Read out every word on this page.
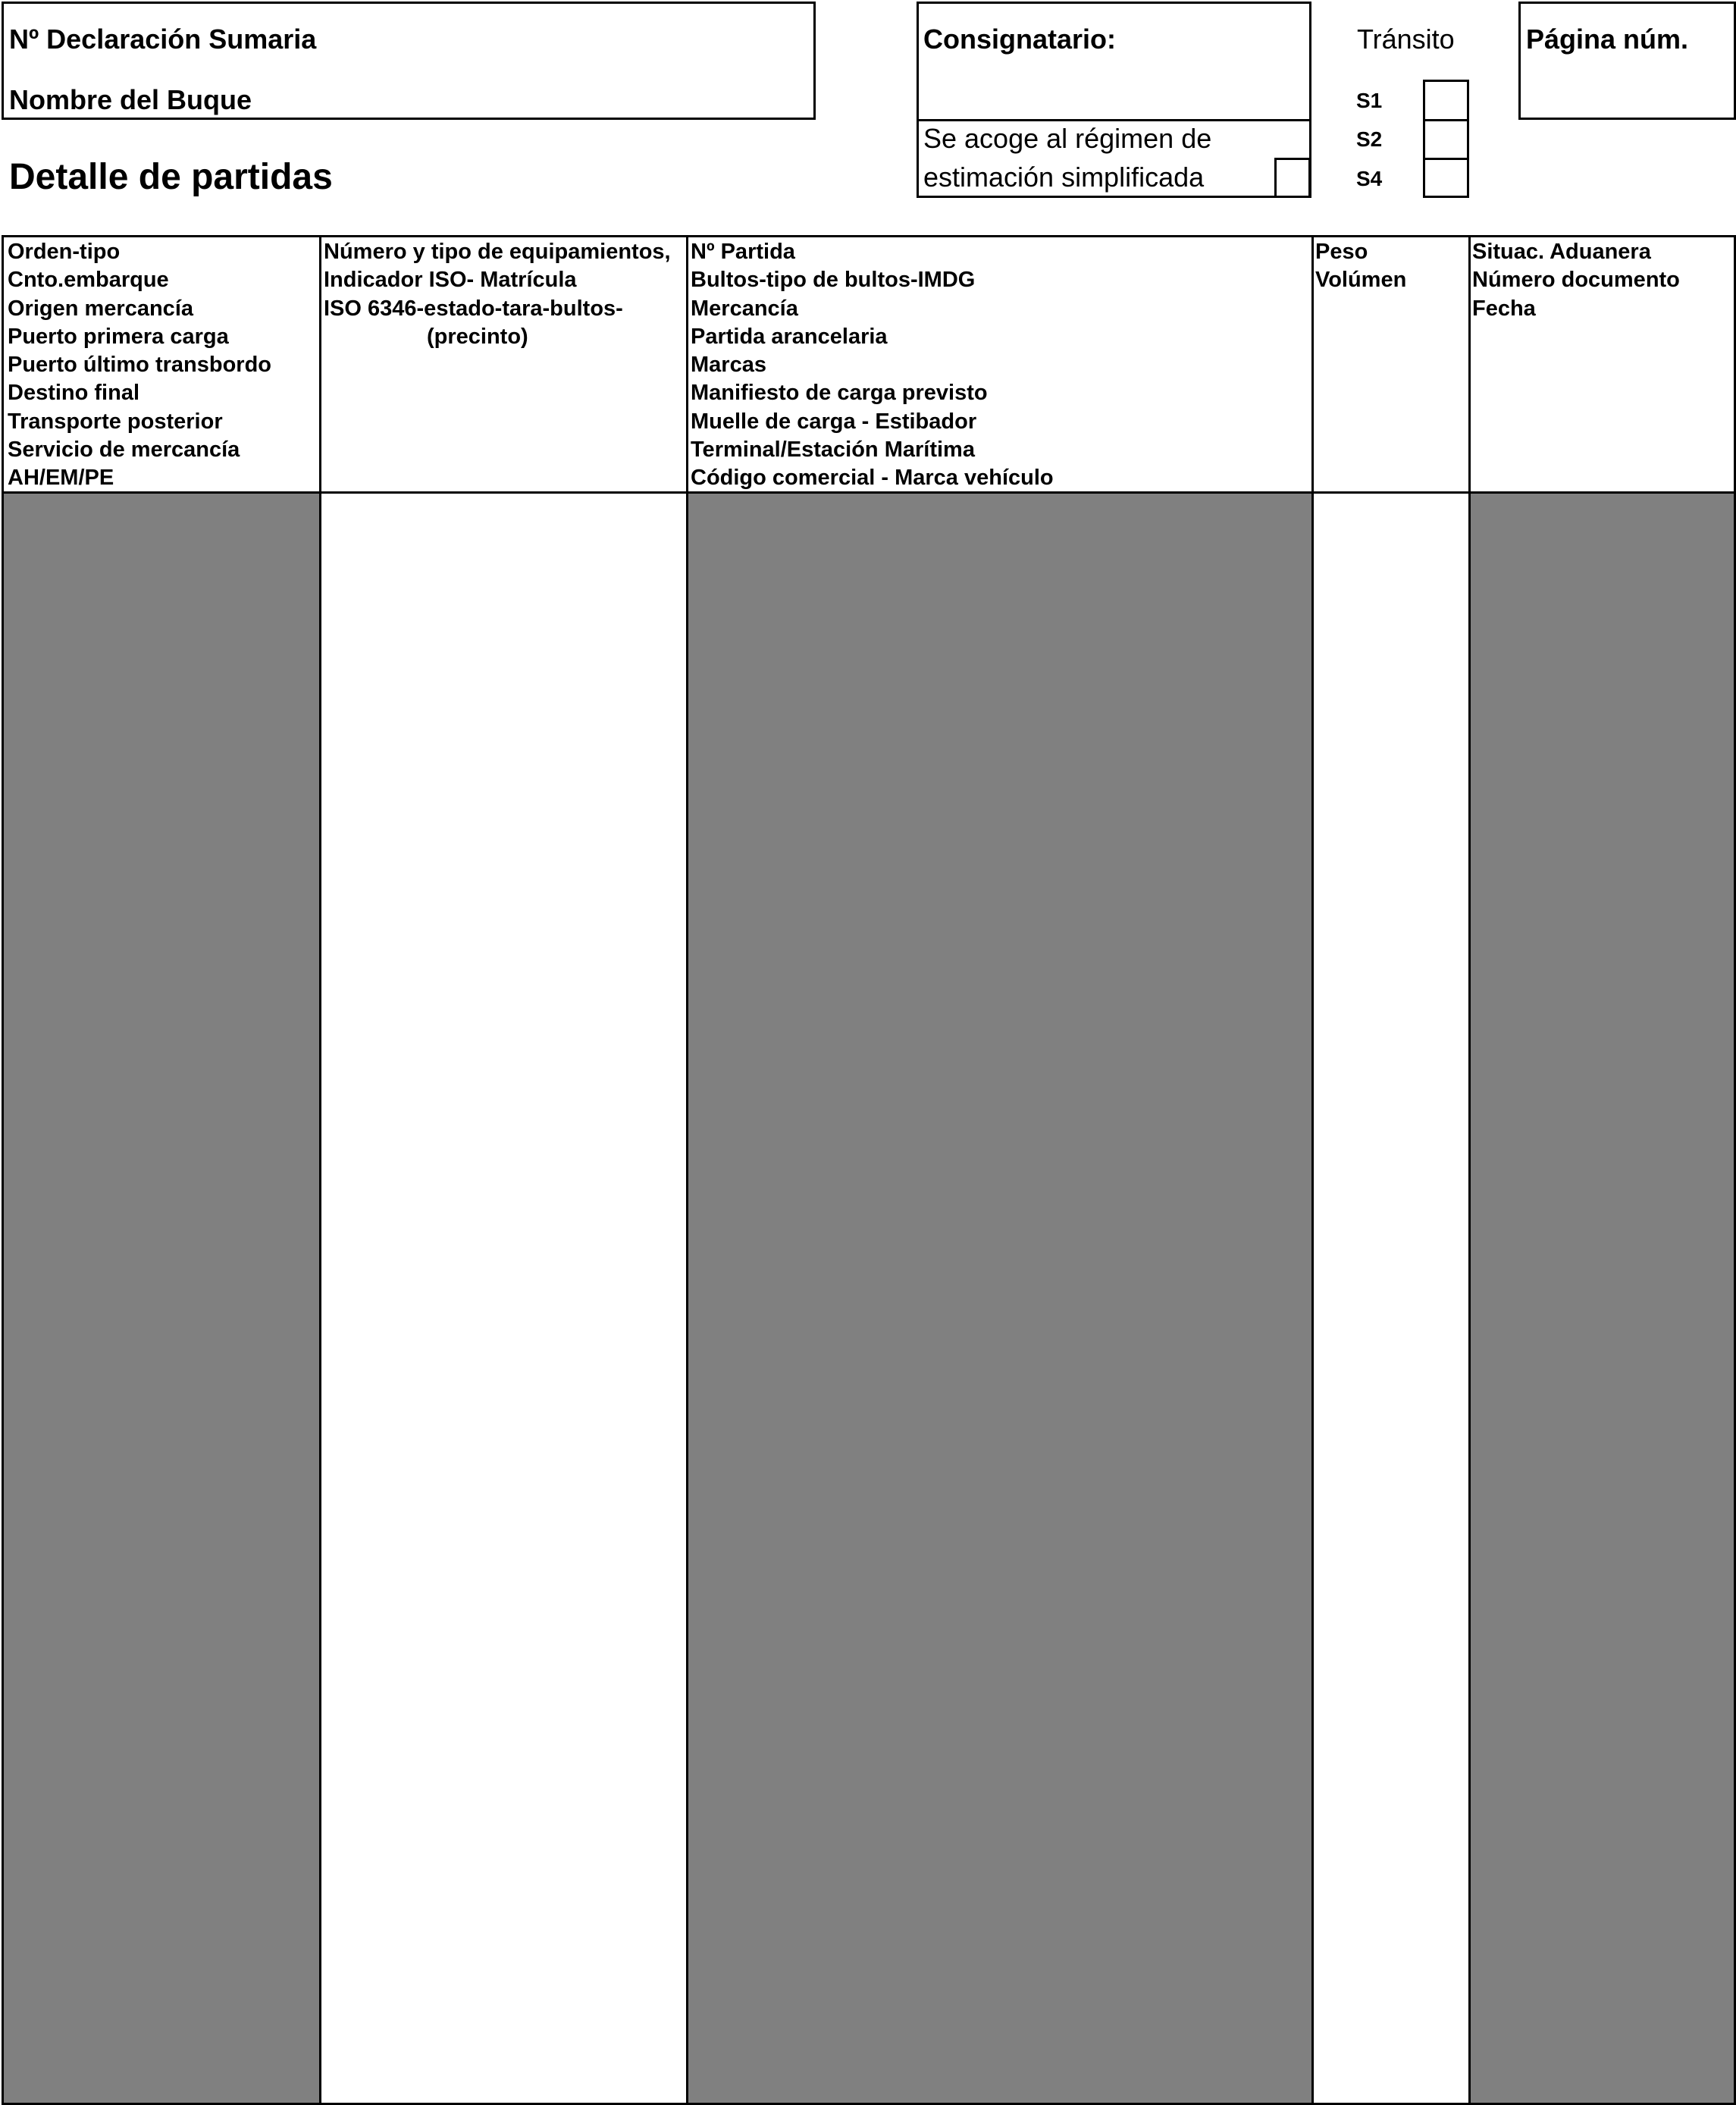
Nº Declaración Sumaria
Nombre del Buque
Detalle de partidas
Consignatario:
Se acoge al régimen de
estimación simplificada
Tránsito
S1
S2
S4
Página núm.
Orden-tipo
Cnto.embarque
Origen mercancía
Puerto primera carga
Puerto último transbordo
Destino final
Transporte posterior
Servicio de mercancía
AH/EM/PE
Número y tipo de equipamientos,
Indicador ISO- Matrícula
ISO 6346-estado-tara-bultos-
(precinto)
Nº Partida
Bultos-tipo de bultos-IMDG
Mercancía
Partida arancelaria
Marcas
Manifiesto de carga previsto
Muelle de carga - Estibador
Terminal/Estación Marítima
Código comercial - Marca vehículo
Peso
Volúmen
Situac. Aduanera
Número documento
Fecha
